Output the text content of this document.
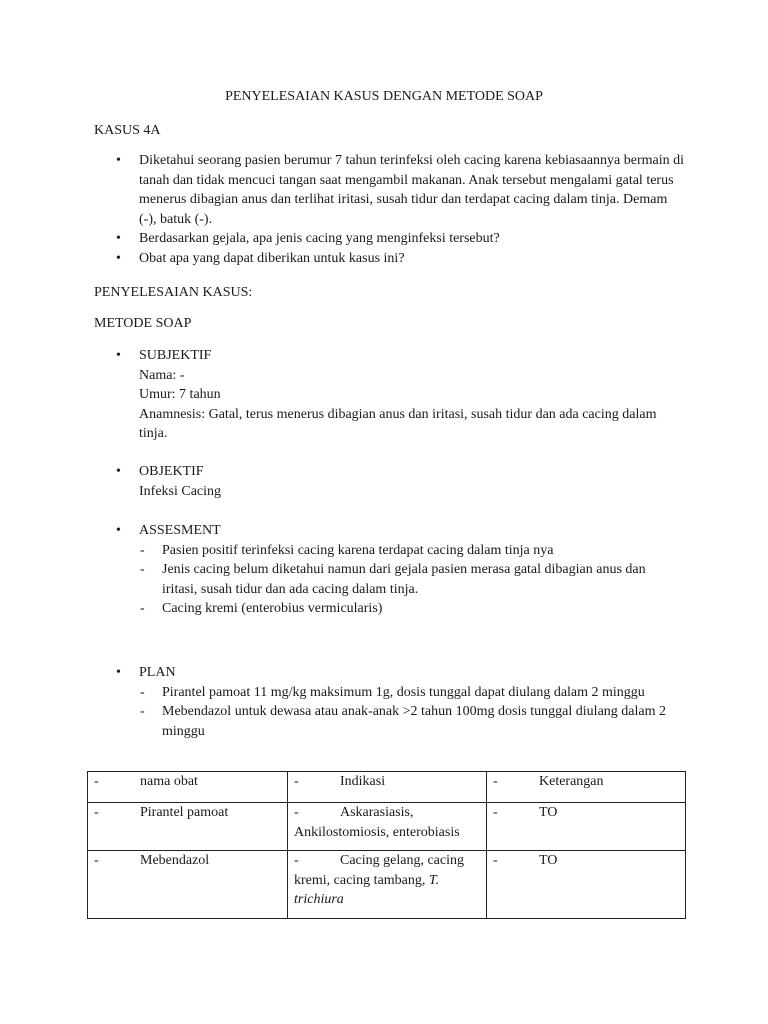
PENYELESAIAN KASUS DENGAN METODE SOAP
KASUS 4A
• Diketahui seorang pasien berumur 7 tahun terinfeksi oleh cacing karena kebiasaannya bermain di tanah dan tidak mencuci tangan saat mengambil makanan. Anak tersebut mengalami gatal terus menerus dibagian anus dan terlihat iritasi, susah tidur dan terdapat cacing dalam tinja. Demam (-), batuk (-).
• Berdasarkan gejala, apa jenis cacing yang menginfeksi tersebut?
• Obat apa yang dapat diberikan untuk kasus ini?
PENYELESAIAN KASUS:
METODE SOAP
• SUBJEKTIF
Nama: -
Umur: 7 tahun
Anamnesis: Gatal, terus menerus dibagian anus dan iritasi, susah tidur dan ada cacing dalam tinja.
• OBJEKTIF
Infeksi Cacing
• ASSESMENT
- Pasien positif terinfeksi cacing karena terdapat cacing dalam tinja nya
- Jenis cacing belum diketahui namun dari gejala pasien merasa gatal dibagian anus dan iritasi, susah tidur dan ada cacing dalam tinja.
- Cacing kremi (enterobius vermicularis)
• PLAN
- Pirantel pamoat 11 mg/kg maksimum 1g, dosis tunggal dapat diulang dalam 2 minggu
- Mebendazol untuk dewasa atau anak-anak >2 tahun 100mg dosis tunggal diulang dalam 2 minggu
- nama obat	- Indikasi	- Keterangan

- Pirantel pamoat	- Askarasiasis, Ankilostomiosis, enterobiasis	- TO

- Mebendazol	- Cacing gelang, cacing kremi, cacing tambang, T. trichiura	- TO
